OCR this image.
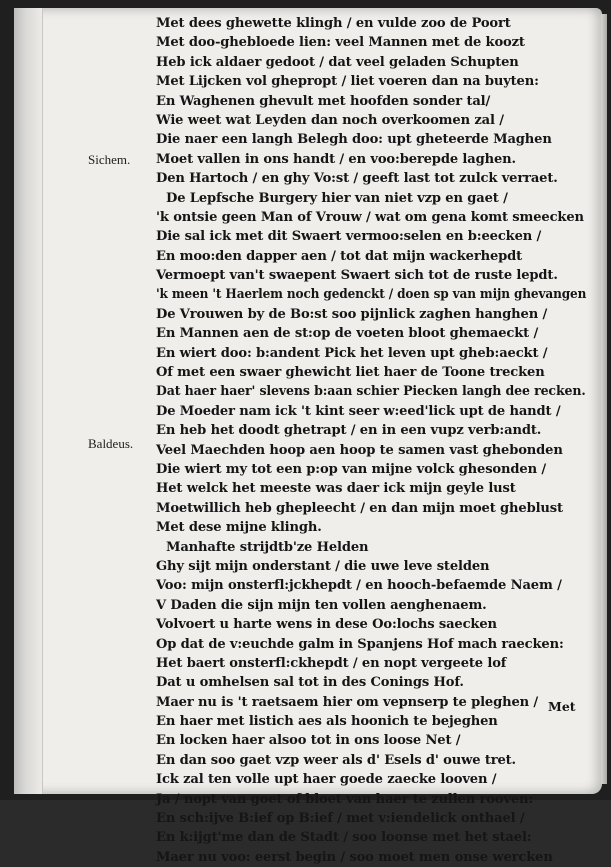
Sichem.
Baldeus.
Met dees ghewette klingh / en vulde zoo de Poort
Met doo-ghebloede lien: veel Mannen met de koozt
Heb ick aldaer gedoot / dat veel geladen Schupten
Met Lijcken vol ghepropt / liet voeren dan na buyten:
En Waghenen ghevult met hoofden sonder tal/
Wie weet wat Leyden dan noch overkoomen zal /
Die naer een langh Belegh doo: upt gheteerde Maghen
Moet vallen in ons handt / en voo:berepde laghen.
Den Hartoch / en ghy Vo:st / geeft last tot zulck verraet.
De Lepfsche Burgery hier van niet vzp en gaet /
'k ontsie geen Man of Vrouw / wat om gena komt smeecken
Die sal ick met dit Swaert vermoo:selen en b:eecken /
En moo:den dapper aen / tot dat mijn wackerhepdt
Vermoept van't swaepent Swaert sich tot de ruste lepdt.
'k meen 't Haerlem noch gedenckt / doen sp van mijn ghevangen
De Vrouwen by de Bo:st soo pijnlick zaghen hanghen /
En Mannen aen de st:op de voeten bloot ghemaeckt /
En wiert doo: b:andent Pick het leven upt gheb:aeckt /
Of met een swaer ghewicht liet haer de Toone trecken
Dat haer haer' slevens b:aan schier Piecken langh dee recken.
De Moeder nam ick 't kint seer w:eed'lick upt de handt /
En heb het doodt ghetrapt / en in een vupz verb:andt.
Veel Maechden hoop aen hoop te samen vast ghebonden
Die wiert my tot een p:op van mijne volck ghesonden /
Het welck het meeste was daer ick mijn geyle lust
Moetwillich heb ghepleecht / en dan mijn moet gheblust
Met dese mijne klingh.
Manhafte strijdtb'ze Helden
Ghy sijt mijn onderstant / die uwe leve stelden
Voo: mijn onsterfl:jckhepdt / en hooch-befaemde Naem /
V Daden die sijn mijn ten vollen aenghenaem.
Volvoert u harte wens in dese Oo:lochs saecken
Op dat de v:euchde galm in Spanjens Hof mach raecken:
Het baert onsterfl:ckhepdt / en nopt vergeete lof
Dat u omhelsen sal tot in des Conings Hof.
Maer nu is 't raetsaem hier om vepnserp te pleghen /
En haer met listich aes als hoonich te bejeghen
En locken haer alsoo tot in ons loose Net /
En dan soo gaet vzp weer als d' Esels d' ouwe tret.
Ick zal ten volle upt haer goede zaecke looven /
Ja / nopt van goet of bloet van haer te zullen rooven:
En sch:ijve B:ief op B:ief / met v:iendelick onthael /
En k:ijgt'me dan de Stadt / soo loonse met het stael:
Maer nu voo: eerst begin / soo moet men onse wercken
Met
